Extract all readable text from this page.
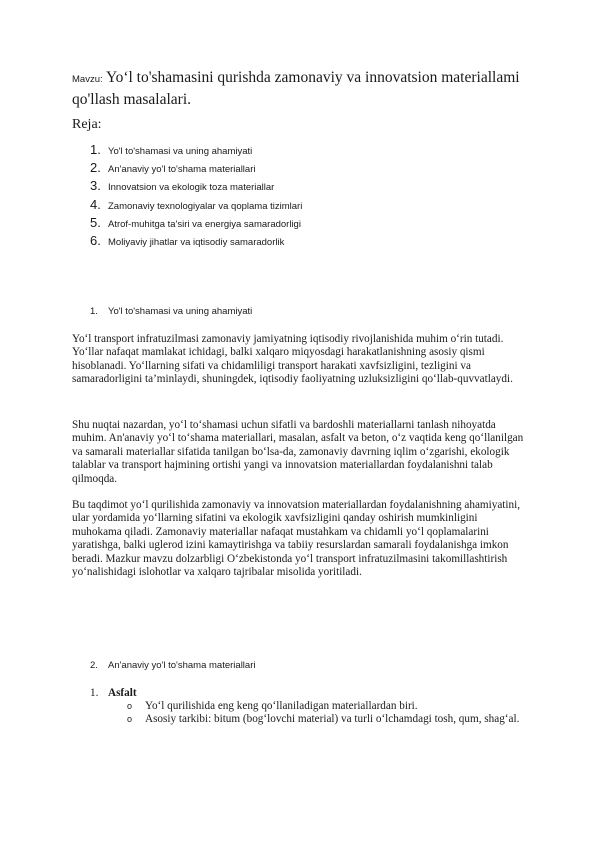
Mavzu: Yo‘l to'shamasini qurishda zamonaviy va innovatsion materiallami qo'llash masalalari.
Reja:
1. Yo'l to'shamasi va uning ahamiyati
2. An'anaviy yo'l to'shama materiallari
3. Innovatsion va ekologik toza materiallar
4. Zamonaviy texnologiyalar va qoplama tizimlari
5. Atrof-muhitga ta'siri va energiya samaradorligi
6. Moliyaviy jihatlar va iqtisodiy samaradorlik
1.	Yo'l to'shamasi va uning ahamiyati

Yo‘l transport infratuzilmasi zamonaviy jamiyatning iqtisodiy rivojlanishida muhim o‘rin tutadi. Yo‘llar nafaqat mamlakat ichidagi, balki xalqaro miqyosdagi harakatlanishning asosiy qismi hisoblanadi. Yo‘llarning sifati va chidamliligi transport harakati xavfsizligini, tezligini va samaradorligini ta’minlaydi, shuningdek, iqtisodiy faoliyatning uzluksizligini qo‘llab-quvvatlaydi.

Shu nuqtai nazardan, yo‘l to‘shamasi uchun sifatli va bardoshli materiallarni tanlash nihoyatda muhim. An'anaviy yo‘l to‘shama materiallari, masalan, asfalt va beton, o‘z vaqtida keng qo‘llanilgan va samarali materiallar sifatida tanilgan bo‘lsa-da, zamonaviy davrning iqlim o‘zgarishi, ekologik talablar va transport hajmining ortishi yangi va innovatsion materiallardan foydalanishni talab qilmoqda.

Bu taqdimot yo‘l qurilishida zamonaviy va innovatsion materiallardan foydalanishning ahamiyatini, ular yordamida yo‘llarning sifatini va ekologik xavfsizligini qanday oshirish mumkinligini muhokama qiladi. Zamonaviy materiallar nafaqat mustahkam va chidamli yo‘l qoplamalarini yaratishga, balki uglerod izini kamaytirishga va tabiiy resurslardan samarali foydalanishga imkon beradi. Mazkur mavzu dolzarbligi O‘zbekistonda yo‘l transport infratuzilmasini takomillashtirish yo‘nalishidagi islohotlar va xalqaro tajribalar misolida yoritiladi.

2.	An'anaviy yo'l to'shama materiallari
1. Asfalt
o	Yo‘l qurilishida eng keng qo‘llaniladigan materiallardan biri.
o	Asosiy tarkibi: bitum (bog‘lovchi material) va turli o‘lchamdagi tosh, qum, shag‘al.
